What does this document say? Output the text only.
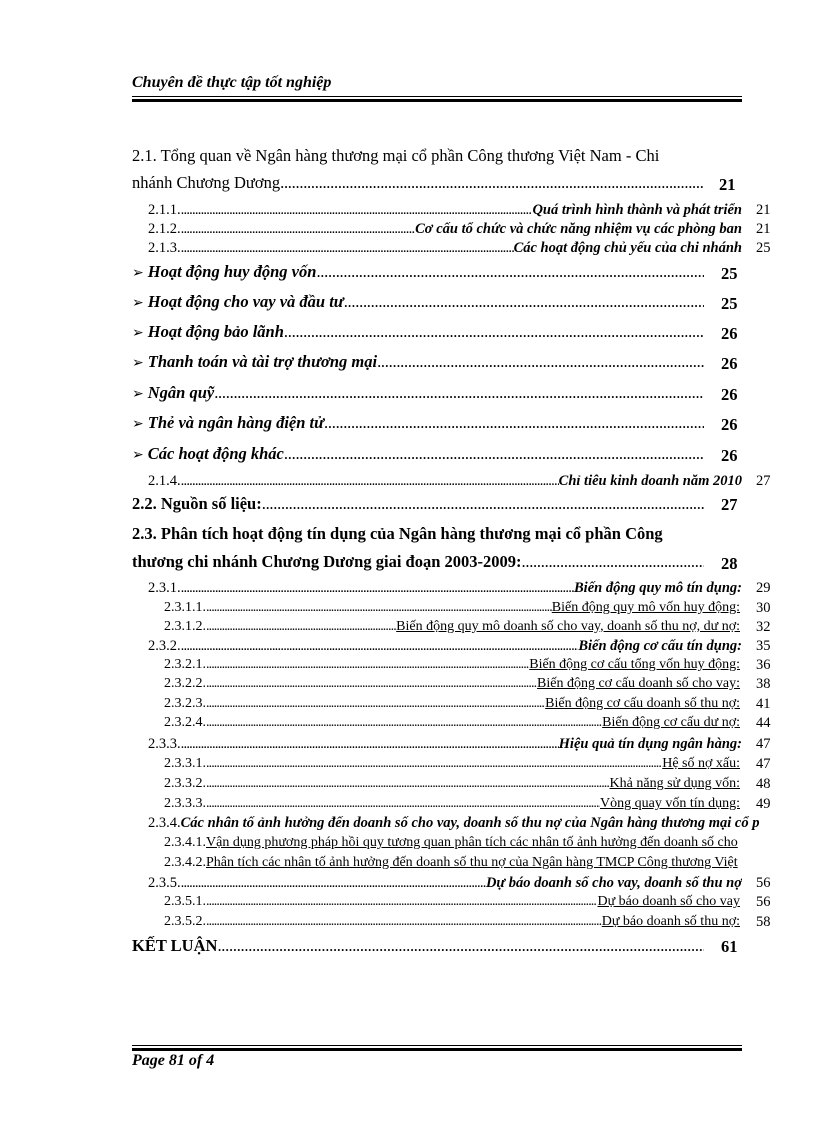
Chuyên đề thực tập tốt nghiệp
2.1. Tổng quan về Ngân hàng thương mại cổ phần Công thương Việt Nam - Chi
nhánh Chương Dương . . .	21
2.1.1. . . .	Quá trình hình thành và phát triển 21
2.1.2. . . .	Cơ cấu tổ chức và chức năng nhiệm vụ các phòng ban 21
2.1.3. . . .	Các hoạt động chủ yếu của chi nhánh 25
➢ Hoạt động huy động vốn . . .	25
➢ Hoạt động cho vay và đầu tư . . .	25
➢ Hoạt động bảo lãnh . . .	26
➢ Thanh toán và tài trợ thương mại . . .	26
➢ Ngân quỹ . . .	26
➢ Thẻ và ngân hàng điện tử . . .	26
➢ Các hoạt động khác . . .	26
2.1.4. . . .	Chỉ tiêu kinh doanh năm 2010 27
2.2. Nguồn số liệu: . . .	27
2.3. Phân tích hoạt động tín dụng của Ngân hàng thương mại cổ phần Công
thương chi nhánh Chương Dương giai đoạn 2003-2009: . . .	28
2.3.1. . . .	Biến động quy mô tín dụng: 29
2.3.1.1. . . .	Biến động quy mô vốn huy động: 30
2.3.1.2. . . .	Biến động quy mô doanh số cho vay, doanh số thu nợ, dư nợ: 32
2.3.2. . . .	Biến động cơ cấu tín dụng: 35
2.3.2.1. . . .	Biến động cơ cấu tổng vốn huy động: 36
2.3.2.2. . . .	Biến động cơ cấu doanh số cho vay: 38
2.3.2.3. . . .	Biến động cơ cấu doanh số thu nợ: 41
2.3.2.4. . . .	Biến động cơ cấu dư nợ: 44
2.3.3. . . .	Hiệu quả tín dụng ngân hàng: 47
2.3.3.1. . . .	Hệ số nợ xấu: 47
2.3.3.2. . . .	Khả năng sử dụng vốn: 48
2.3.3.3. . . .	Vòng quay vốn tín dụng: 49
2.3.4. Các nhân tố ảnh hưởng đến doanh số cho vay, doanh số thu nợ của Ngân hàng thương mại cổ p
2.3.4.1. Vận dụng phương pháp hồi quy tương quan phân tích các nhân tố ảnh hưởng đến doanh số cho
2.3.4.2. Phân tích các nhân tố ảnh hưởng đến doanh số thu nợ của Ngân hàng TMCP Công thương Việt
2.3.5. . . .	Dự báo doanh số cho vay, doanh số thu nợ 56
2.3.5.1. . . .	Dự báo doanh số cho vay 56
2.3.5.2. . . .	Dự báo doanh số thu nợ: 58
KẾT LUẬN . . .	61
Page 81 of 4
